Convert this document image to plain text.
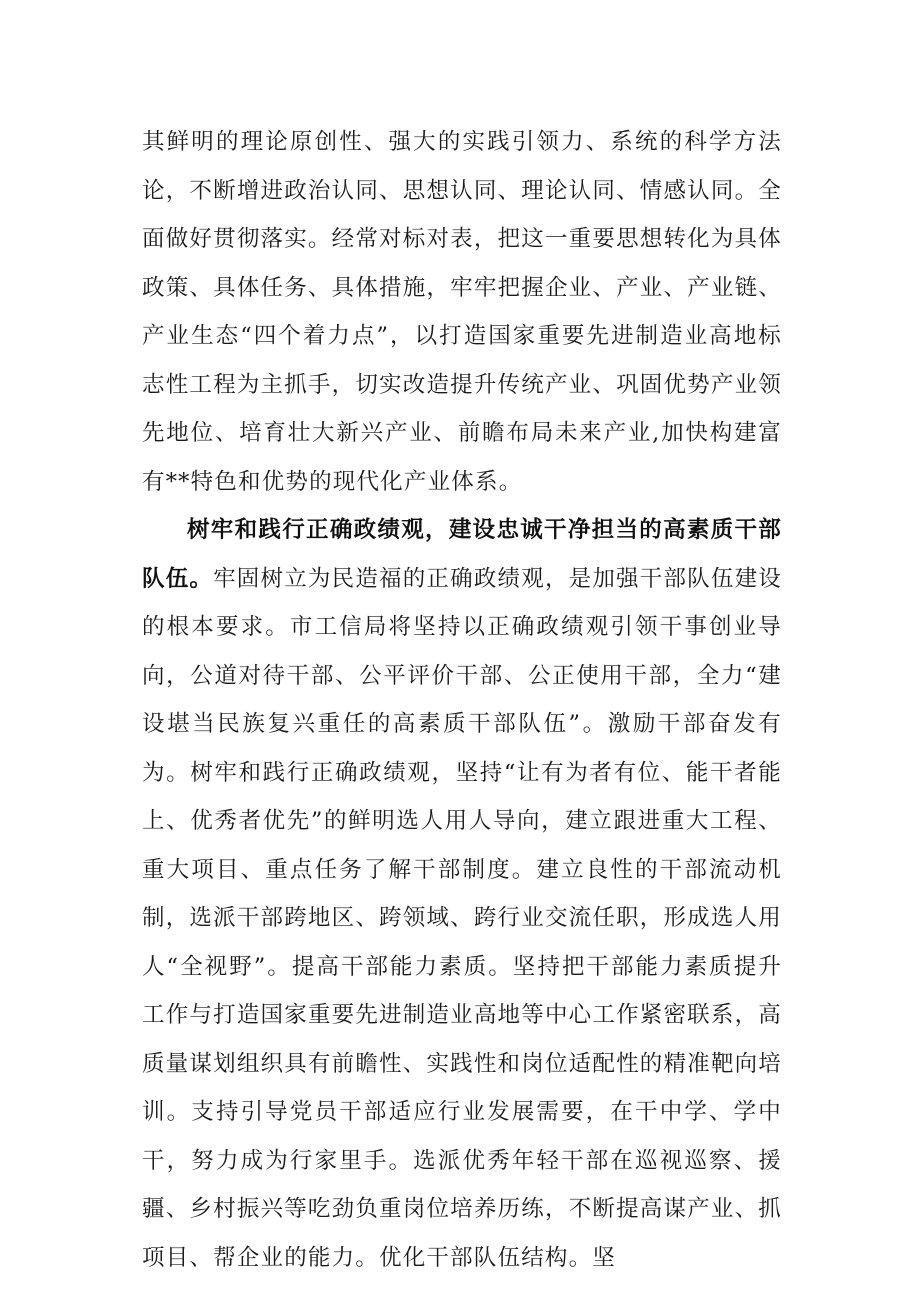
其鲜明的理论原创性、强大的实践引领力、系统的科学方法论，不断增进政治认同、思想认同、理论认同、情感认同。全面做好贯彻落实。经常对标对表，把这一重要思想转化为具体政策、具体任务、具体措施，牢牢把握企业、产业、产业链、产业生态“四个着力点”，以打造国家重要先进制造业高地标志性工程为主抓手，切实改造提升传统产业、巩固优势产业领先地位、培育壮大新兴产业、前瞻布局未来产业,加快构建富有**特色和优势的现代化产业体系。

树牢和践行正确政绩观，建设忠诚干净担当的高素质干部队伍。牢固树立为民造福的正确政绩观，是加强干部队伍建设的根本要求。市工信局将坚持以正确政绩观引领干事创业导向，公道对待干部、公平评价干部、公正使用干部，全力“建设堪当民族复兴重任的高素质干部队伍”。激励干部奋发有为。树牢和践行正确政绩观，坚持“让有为者有位、能干者能上、优秀者优先”的鲜明选人用人导向，建立跟进重大工程、重大项目、重点任务了解干部制度。建立良性的干部流动机制，选派干部跨地区、跨领域、跨行业交流任职，形成选人用人“全视野”。提高干部能力素质。坚持把干部能力素质提升工作与打造国家重要先进制造业高地等中心工作紧密联系，高质量谋划组织具有前瞻性、实践性和岗位适配性的精准靶向培训。支持引导党员干部适应行业发展需要，在干中学、学中干，努力成为行家里手。选派优秀年轻干部在巡视巡察、援疆、乡村振兴等吃劲负重岗位培养历练，不断提高谋产业、抓项目、帮企业的能力。优化干部队伍结构。坚
